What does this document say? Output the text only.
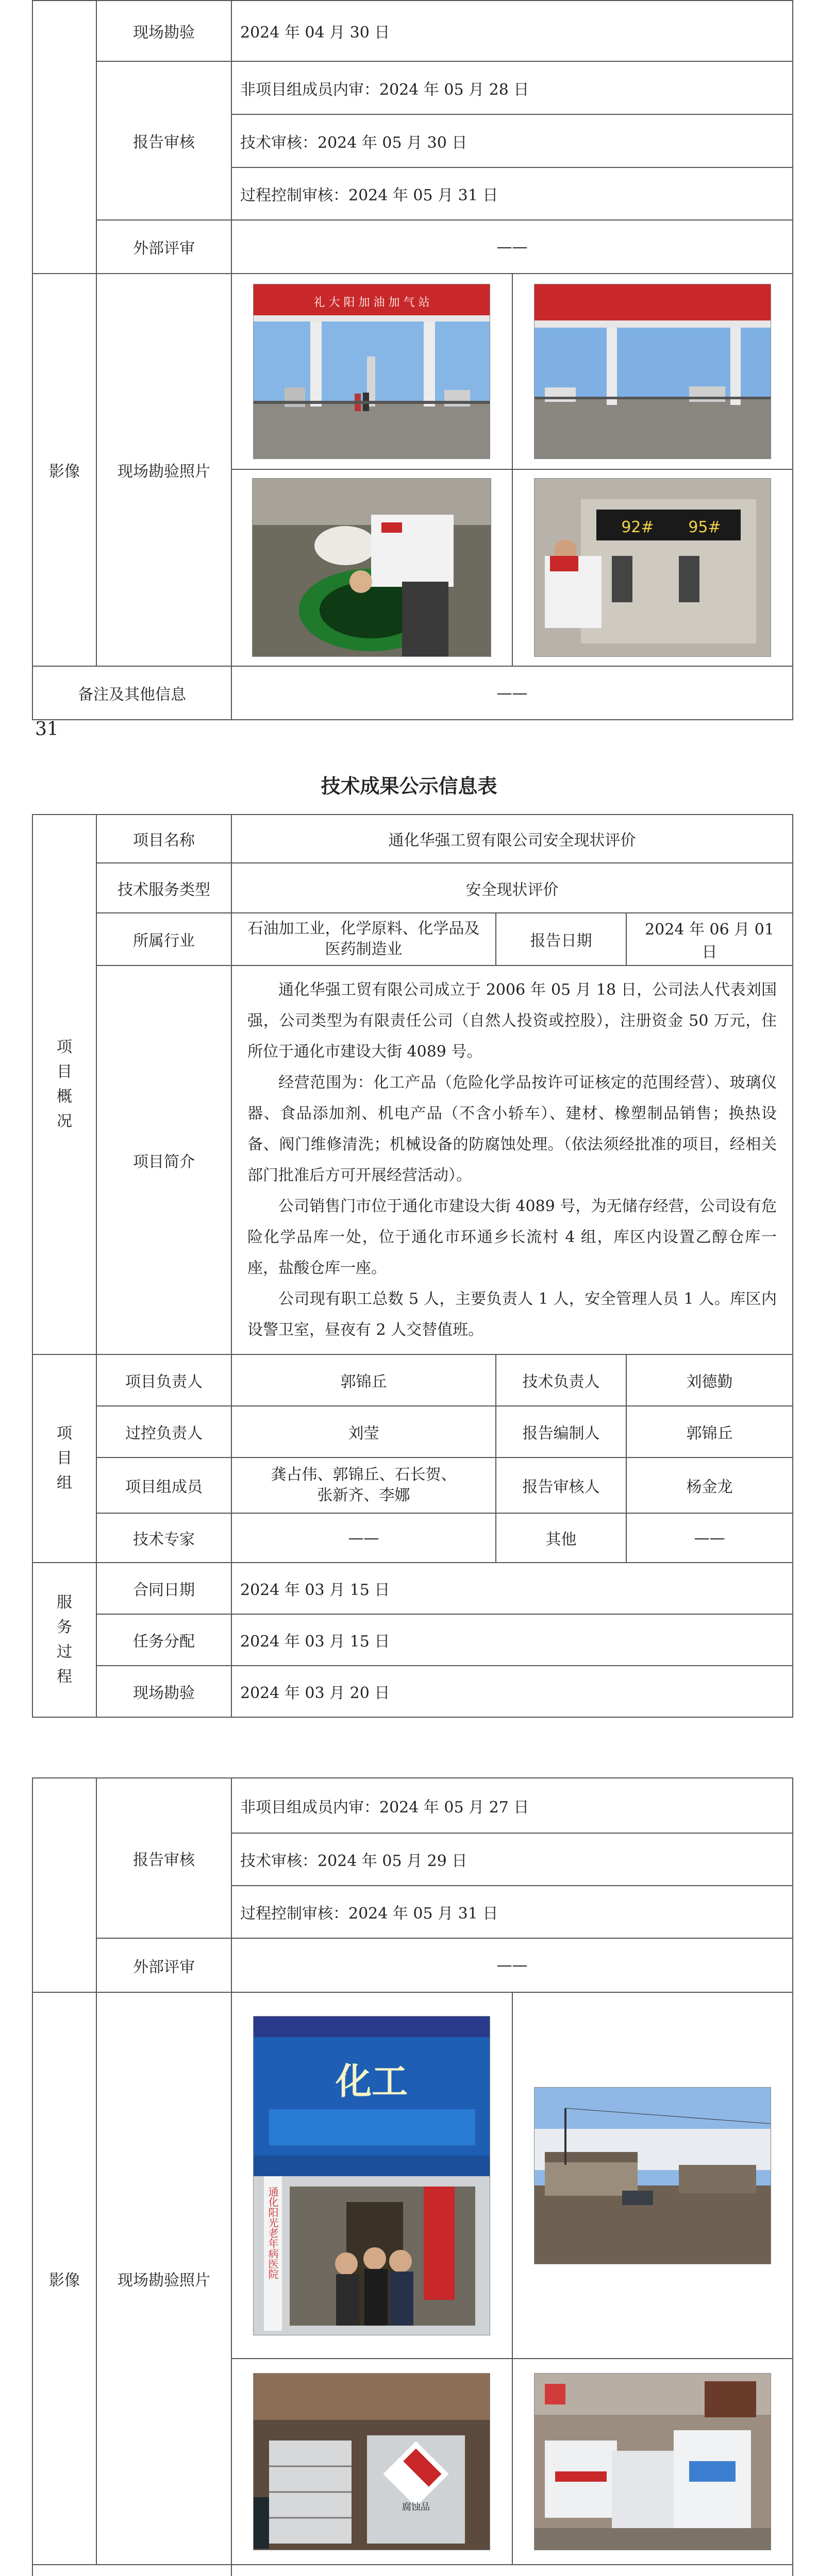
	现场勘验	2024 年 04 月 30 日
报告审核	非项目组成员内审：2024 年 05 月 28 日
技术审核：2024 年 05 月 30 日
过程控制审核：2024 年 05 月 31 日
外部评审	——
影像	现场勘验照片	
礼 大 阳 加 油 加 气 站

92# 95#

备注及其他信息	——
31
技术成果公示信息表
项目概况	项目名称	通化华强工贸有限公司安全现状评价		
	技术服务类型	安全现状评价		
	所属行业	石油加工业，化学原料、化学品及医药制造业	报告日期	2024 年 06 月 01 日
	项目简介	通化华强工贸有限公司成立于 2006 年 05 月 18 日，公司法人代表刘国强，公司类型为有限责任公司（自然人投资或控股），注册资金 50 万元，住所位于通化市建设大街 4089 号。

经营范围为：化工产品（危险化学品按许可证核定的范围经营）、玻璃仪器、食品添加剂、机电产品（不含小轿车）、建材、橡塑制品销售；换热设备、阀门维修清洗；机械设备的防腐蚀处理。（依法须经批准的项目，经相关部门批准后方可开展经营活动）。

公司销售门市位于通化市建设大街 4089 号，为无储存经营，公司设有危险化学品库一处，位于通化市环通乡长流村 4 组，库区内设置乙醇仓库一座，盐酸仓库一座。

公司现有职工总数 5 人，主要负责人 1 人，安全管理人员 1 人。库区内设警卫室，昼夜有 2 人交替值班。		

项目组	项目负责人	郭锦丘	技术负责人	刘德勤
	过控负责人	刘莹	报告编制人	郭锦丘
	项目组成员	龚占伟、郭锦丘、石长贺、
张新齐、李娜	报告审核人	杨金龙
	技术专家	——	其他	——
服务过程	合同日期	2024 年 03 月 15 日		
	任务分配	2024 年 03 月 15 日		
	现场勘验	2024 年 03 月 20 日		
	报告审核	非项目组成员内审：2024 年 05 月 27 日
技术审核：2024 年 05 月 29 日
过程控制审核：2024 年 05 月 31 日
外部评审	——
影像	现场勘验照片	
化工
通化阳光老年病医院

腐蚀品
